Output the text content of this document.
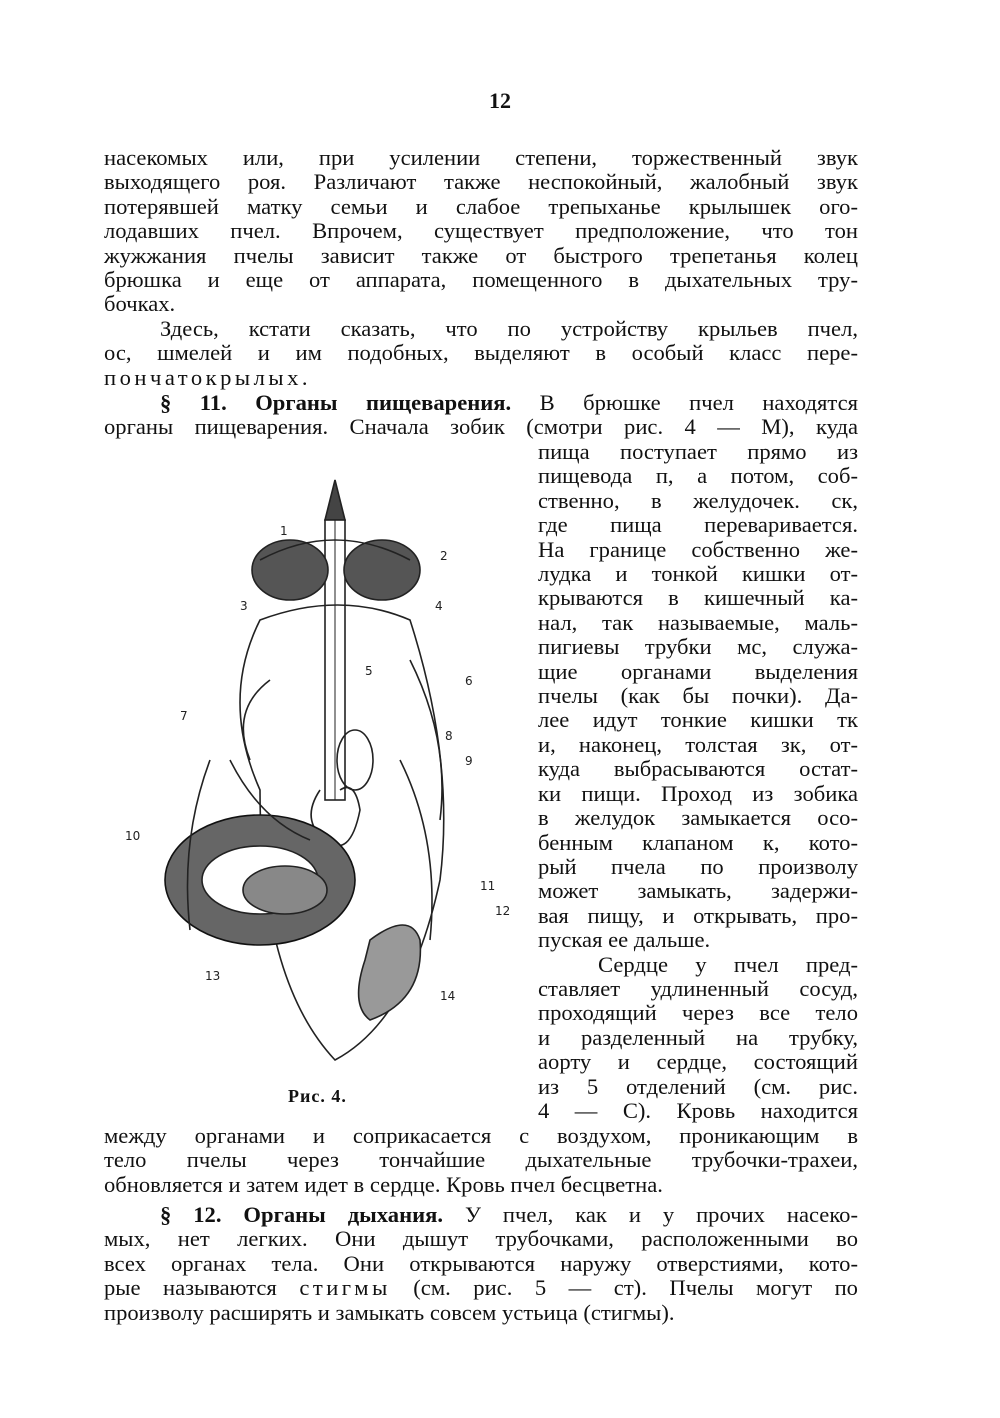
12

насекомых или, при усилении степени, торжественный звук

выходящего роя. Различают также неспокойный, жалобный звук

потерявшей матку семьи и слабое трепыханье крылышек ого-

лодавших пчел. Впрочем, существует предположение, что тон

жужжания пчелы зависит также от быстрого трепетанья колец

брюшка и еще от аппарата, помещенного в дыхательных тру-

бочках.

Здесь, кстати сказать, что по устройству крыльев пчел,

ос, шмелей и им подобных, выделяют в особый класс пере-

пончатокрылых.

§ 11. Органы пищеварения. В брюшке пчел находятся

органы пищеварения. Сначала зобик (смотри рис. 4 — М), куда

пища поступает прямо из

пищевода п, а потом, соб-

ственно, в желудочек. ск,

где пища переваривается.

На границе собственно же-

лудка и тонкой кишки от-

крываются в кишечный ка-

нал, так называемые, маль-

пигиевы трубки мс, служа-

щие органами выделения

пчелы (как бы почки). Да-

лее идут тонкие кишки тк

и, наконец, толстая зк, от-

куда выбрасываются остат-

ки пищи. Проход из зобика

в желудок замыкается осо-

бенным клапаном к, кото-

рый пчела по произволу

может замыкать, задержи-

вая пищу, и открывать, про-

пуская ее дальше.

Сердце у пчел пред-

ставляет удлиненный сосуд,

проходящий через все тело

и разделенный на трубку,

аорту и сердце, состоящий

из 5 отделений (см. рис.

4 — С). Кровь находится

1
2
3	4
5
6
7
8
9
10
11
12
13
14
Рис. 4.

между органами и соприкасается с воздухом, проникающим в

тело пчелы через тончайшие дыхательные трубочки-трахеи,

обновляется и затем идет в сердце. Кровь пчел бесцветна.

§ 12. Органы дыхания. У пчел, как и у прочих насеко-

мых, нет легких. Они дышут трубочками, расположенными во

всех органах тела. Они открываются наружу отверстиями, кото-

рые называются стигмы (см. рис. 5 — ст). Пчелы могут по

произволу расширять и замыкать совсем устьица (стигмы).
